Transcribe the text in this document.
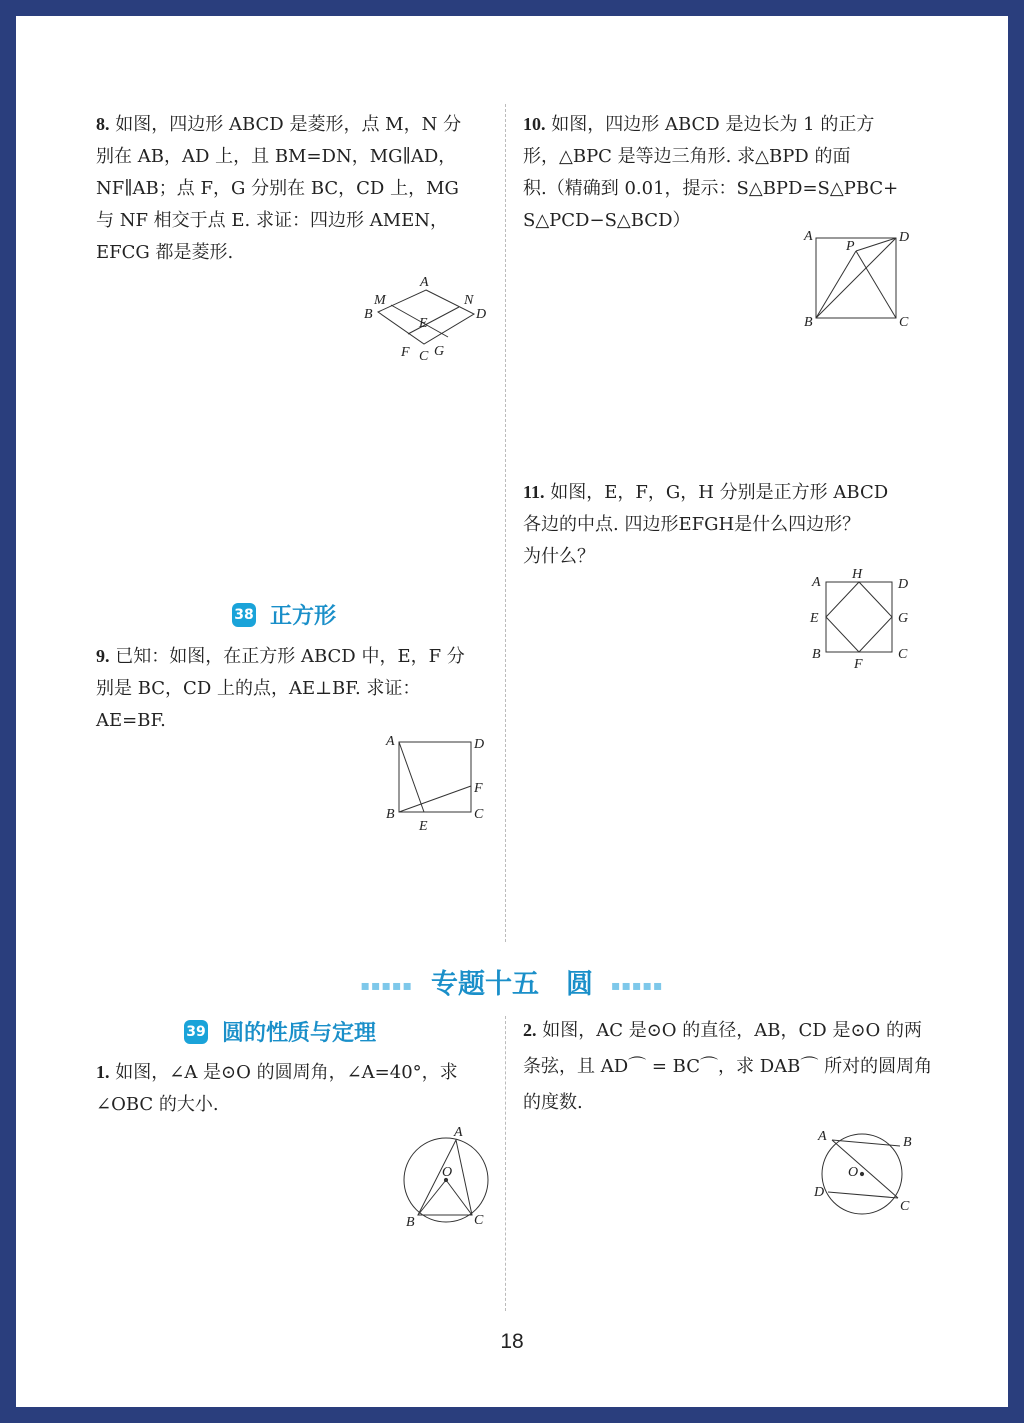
8. 如图，四边形 ABCD 是菱形，点 M，N 分
别在 AB，AD 上，且 BM=DN，MG∥AD，
NF∥AB；点 F，G 分别在 BC，CD 上，MG
与 NF 相交于点 E. 求证：四边形 AMEN，
EFCG 都是菱形.
A
B
C
D
M	N
E
F G
10. 如图，四边形 ABCD 是边长为 1 的正方
形，△BPC 是等边三角形. 求△BPD 的面
积.（精确到 0.01，提示：S△BPD=S△PBC+
S△PCD−S△BCD）
A
B	C
D
P
11. 如图，E，F，G，H 分别是正方形 ABCD
各边的中点. 四边形EFGH是什么四边形？
为什么？
A
B	C
D
E
F
G
H
38 正方形
9. 已知：如图，在正方形 ABCD 中，E，F 分
别是 BC，CD 上的点，AE⊥BF. 求证：
AE=BF.
A
B	C
D
E
F
▪▪▪▪▪ 专题十五　圆 ▪▪▪▪▪
39 圆的性质与定理
1. 如图，∠A 是⊙O 的圆周角，∠A=40°，求
∠OBC 的大小.
A
B	C
O
2. 如图，AC 是⊙O 的直径，AB，CD 是⊙O 的两
条弦，且 AD⌒ = BC⌒，求 DAB⌒ 所对的圆周角
的度数.
A	B
C
D
O
18
